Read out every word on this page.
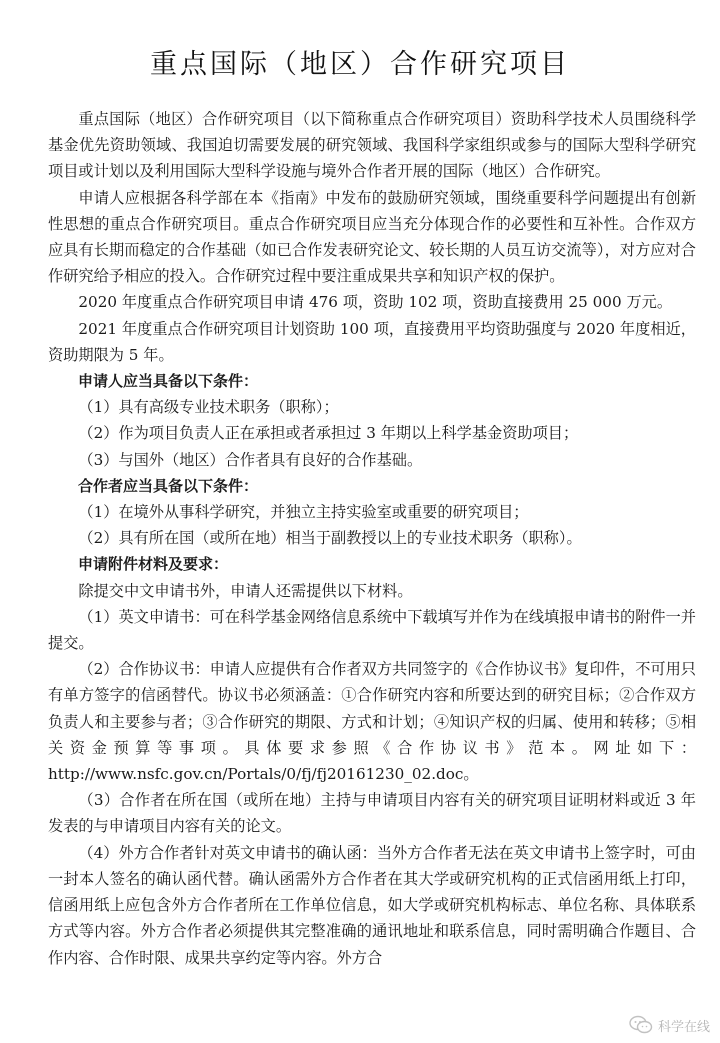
重点国际（地区）合作研究项目

重点国际（地区）合作研究项目（以下简称重点合作研究项目）资助科学技术人员围绕科学基金优先资助领域、我国迫切需要发展的研究领域、我国科学家组织或参与的国际大型科学研究项目或计划以及利用国际大型科学设施与境外合作者开展的国际（地区）合作研究。

申请人应根据各科学部在本《指南》中发布的鼓励研究领域，围绕重要科学问题提出有创新性思想的重点合作研究项目。重点合作研究项目应当充分体现合作的必要性和互补性。合作双方应具有长期而稳定的合作基础（如已合作发表研究论文、较长期的人员互访交流等），对方应对合作研究给予相应的投入。合作研究过程中要注重成果共享和知识产权的保护。

2020 年度重点合作研究项目申请 476 项，资助 102 项，资助直接费用 25 000 万元。

2021 年度重点合作研究项目计划资助 100 项，直接费用平均资助强度与 2020 年度相近，资助期限为 5 年。

申请人应当具备以下条件：

（1）具有高级专业技术职务（职称）；

（2）作为项目负责人正在承担或者承担过 3 年期以上科学基金资助项目；

（3）与国外（地区）合作者具有良好的合作基础。

合作者应当具备以下条件：

（1）在境外从事科学研究，并独立主持实验室或重要的研究项目；

（2）具有所在国（或所在地）相当于副教授以上的专业技术职务（职称）。

申请附件材料及要求：

除提交中文申请书外，申请人还需提供以下材料。

（1）英文申请书：可在科学基金网络信息系统中下载填写并作为在线填报申请书的附件一并提交。

（2）合作协议书：申请人应提供有合作者双方共同签字的《合作协议书》复印件，不可用只有单方签字的信函替代。协议书必须涵盖：①合作研究内容和所要达到的研究目标；②合作双方负责人和主要参与者；③合作研究的期限、方式和计划；④知识产权的归属、使用和转移；⑤相关资金预算等事项。具体要求参照《合作协议书》范本。网址如下：http://www.nsfc.gov.cn/Portals/0/fj/fj20161230_02.doc。

（3）合作者在所在国（或所在地）主持与申请项目内容有关的研究项目证明材料或近 3 年发表的与申请项目内容有关的论文。

（4）外方合作者针对英文申请书的确认函：当外方合作者无法在英文申请书上签字时，可由一封本人签名的确认函代替。确认函需外方合作者在其大学或研究机构的正式信函用纸上打印，信函用纸上应包含外方合作者所在工作单位信息，如大学或研究机构标志、单位名称、具体联系方式等内容。外方合作者必须提供其完整准确的通讯地址和联系信息，同时需明确合作题目、合作内容、合作时限、成果共享约定等内容。外方合

科学在线
